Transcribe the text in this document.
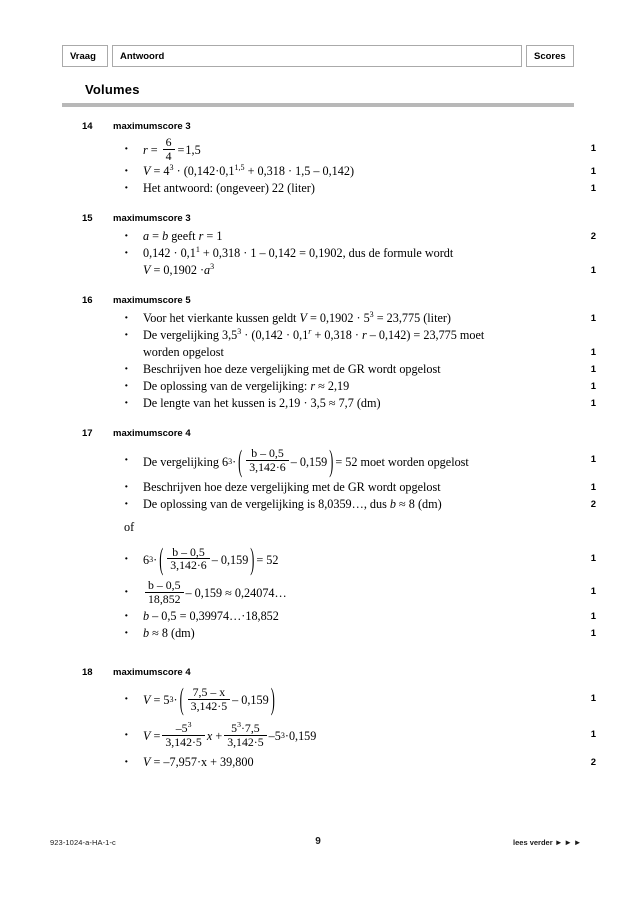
Vraag	Antwoord	Scores
Volumes
14 maximumscore 3
·
$r = \frac{6}{4} = 1,5$	1
·
$V = 4^3 \cdot (0,142\cdot 0,1^{1,5} + 0,318 \cdot 1,5 - 0,142)$	1
·
Het antwoord: (ongeveer) 22 (liter)	1
15 maximumscore 3
·
a = b geeft r = 1	2
·
$0,142 \cdot 0,1^1 + 0,318 \cdot 1 - 0,142 = 0,1902$, dus de formule wordt
$V = 0,1902 \cdot a^3$	1
16 maximumscore 5
·
Voor het vierkante kussen geldt $V = 0,1902 \cdot 5^3 = 23,775$ (liter)	1
·
De vergelijking $3,5^3 \cdot (0,142 \cdot 0,1^r + 0,318 \cdot r - 0,142) = 23,775$ moet
worden opgelost	1
·
Beschrijven hoe deze vergelijking met de GR wordt opgelost	1
·
De oplossing van de vergelijking: r ≈ 2,19	1
·
De lengte van het kussen is 2,19 · 3,5 ≈ 7,7 (dm)	1
17 maximumscore 4
·
De vergelijking
6 3 · ( $\frac{b - 0,5}{3,142\cdot 6} - 0,159$ ) = 52
moet worden opgelost	1
·
Beschrijven hoe deze vergelijking met de GR wordt opgelost	1
·
De oplossing van de vergelijking is 8,0359…, dus b ≈ 8 (dm)	2
of
·
6 3 · ( $\frac{b - 0,5}{3,142\cdot 6} - 0,159$ ) = 52	1
·
$\frac{b - 0,5}{18,852} - 0,159$
≈
0,24074…	1
·
b – 0,5 = 0,39974…·18,852	1
·
b ≈ 8 (dm)	1
18 maximumscore 4
·
V
=
5 3 · ( $\frac{7,5 - x}{3,142\cdot 5} - 0,159$ )	1
·
V
= $\frac{-5^3}{3,142\cdot 5}$ x
+ $\frac{5^3\cdot 7,5}{3,142\cdot 5} - 5$ 3 · 0,159	1
·
V = –7,957·x + 39,800	2
923-1024-a-HA-1-c	9	lees verder ►►►
